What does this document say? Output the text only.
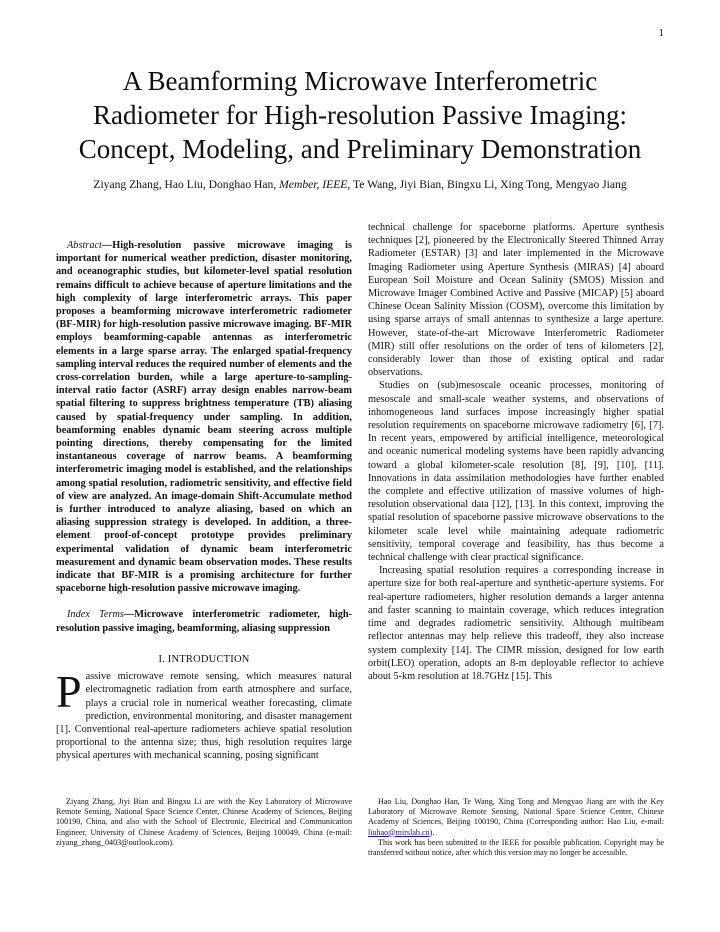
1
A Beamforming Microwave Interferometric
Radiometer for High-resolution Passive Imaging:
Concept, Modeling, and Preliminary Demonstration
Ziyang Zhang, Hao Liu, Donghao Han, Member, IEEE, Te Wang, Jiyi Bian, Bingxu Li, Xing Tong, Mengyao Jiang

Abstract—High-resolution passive microwave imaging is important for numerical weather prediction, disaster monitoring, and oceanographic studies, but kilometer-level spatial resolution remains difficult to achieve because of aperture limitations and the high complexity of large interferometric arrays. This paper proposes a beamforming microwave interferometric radiometer (BF-MIR) for high-resolution passive microwave imaging. BF-MIR employs beamforming-capable antennas as interferometric elements in a large sparse array. The enlarged spatial-frequency sampling interval reduces the required number of elements and the cross-correlation burden, while a large aperture-to-sampling-interval ratio factor (ASRF) array design enables narrow-beam spatial filtering to suppress brightness temperature (TB) aliasing caused by spatial-frequency under sampling. In addition, beamforming enables dynamic beam steering across multiple pointing directions, thereby compensating for the limited instantaneous coverage of narrow beams. A beamforming interferometric imaging model is established, and the relationships among spatial resolution, radiometric sensitivity, and effective field of view are analyzed. An image-domain Shift-Accumulate method is further introduced to analyze aliasing, based on which an aliasing suppression strategy is developed. In addition, a three-element proof-of-concept prototype provides preliminary experimental validation of dynamic beam interferometric measurement and dynamic beam observation modes. These results indicate that BF-MIR is a promising architecture for further spaceborne high-resolution passive microwave imaging.

Index Terms—Microwave interferometric radiometer, high-resolution passive imaging, beamforming, aliasing suppression

I. INTRODUCTION

Passive microwave remote sensing, which measures natural electromagnetic radiation from earth atmosphere and surface, plays a crucial role in numerical weather forecasting, climate prediction, environmental monitoring, and disaster management [1]. Conventional real-aperture radiometers achieve spatial resolution proportional to the antenna size; thus, high resolution requires large physical apertures with mechanical scanning, posing significant

technical challenge for spaceborne platforms. Aperture synthesis techniques [2], pioneered by the Electronically Steered Thinned Array Radiometer (ESTAR) [3] and later implemented in the Microwave Imaging Radiometer using Aperture Synthesis (MIRAS) [4] aboard European Soil Moisture and Ocean Salinity (SMOS) Mission and Microwave Imager Combined Active and Passive (MICAP) [5] aboard Chinese Ocean Salinity Mission (COSM), overcome this limitation by using sparse arrays of small antennas to synthesize a large aperture. However, state-of-the-art Microwave Interferometric Radiometer (MIR) still offer resolutions on the order of tens of kilometers [2], considerably lower than those of existing optical and radar observations.

Studies on (sub)mesoscale oceanic processes, monitoring of mesoscale and small-scale weather systems, and observations of inhomogeneous land surfaces impose increasingly higher spatial resolution requirements on spaceborne microwave radiometry [6], [7]. In recent years, empowered by artificial intelligence, meteorological and oceanic numerical modeling systems have been rapidly advancing toward a global kilometer-scale resolution [8], [9], [10], [11]. Innovations in data assimilation methodologies have further enabled the complete and effective utilization of massive volumes of high-resolution observational data [12], [13]. In this context, improving the spatial resolution of spaceborne passive microwave observations to the kilometer scale level while maintaining adequate radiometric sensitivity, temporal coverage and feasibility, has thus become a technical challenge with clear practical significance.

Increasing spatial resolution requires a corresponding increase in aperture size for both real-aperture and synthetic-aperture systems. For real-aperture radiometers, higher resolution demands a larger antenna and faster scanning to maintain coverage, which reduces integration time and degrades radiometric sensitivity. Although multibeam reflector antennas may help relieve this tradeoff, they also increase system complexity [14]. The CIMR mission, designed for low earth orbit(LEO) operation, adopts an 8-m deployable reflector to achieve about 5-km resolution at 18.7GHz [15]. This

Ziyang Zhang, Jiyi Bian and Bingxu Li are with the Key Laboratory of Microwave Remote Sensing, National Space Science Center, Chinese Academy of Sciences, Beijing 100190, China, and also with the School of Electronic, Electrical and Communication Engineer, University of Chinese Academy of Sciences, Beijing 100049, China (e-mail: ziyang_zhang_0403@outlook.com).

Hao Liu, Donghao Han, Te Wang, Xing Tong and Mengyao Jiang are with the Key Laboratory of Microwave Remote Sensing, National Space Science Center, Chinese Academy of Sciences, Beijing 100190, China (Corresponding author: Hao Liu, e-mail: liuhao@mirslab.cn).

This work has been submitted to the IEEE for possible publication. Copyright may be transferred without notice, after which this version may no longer be accessible.
